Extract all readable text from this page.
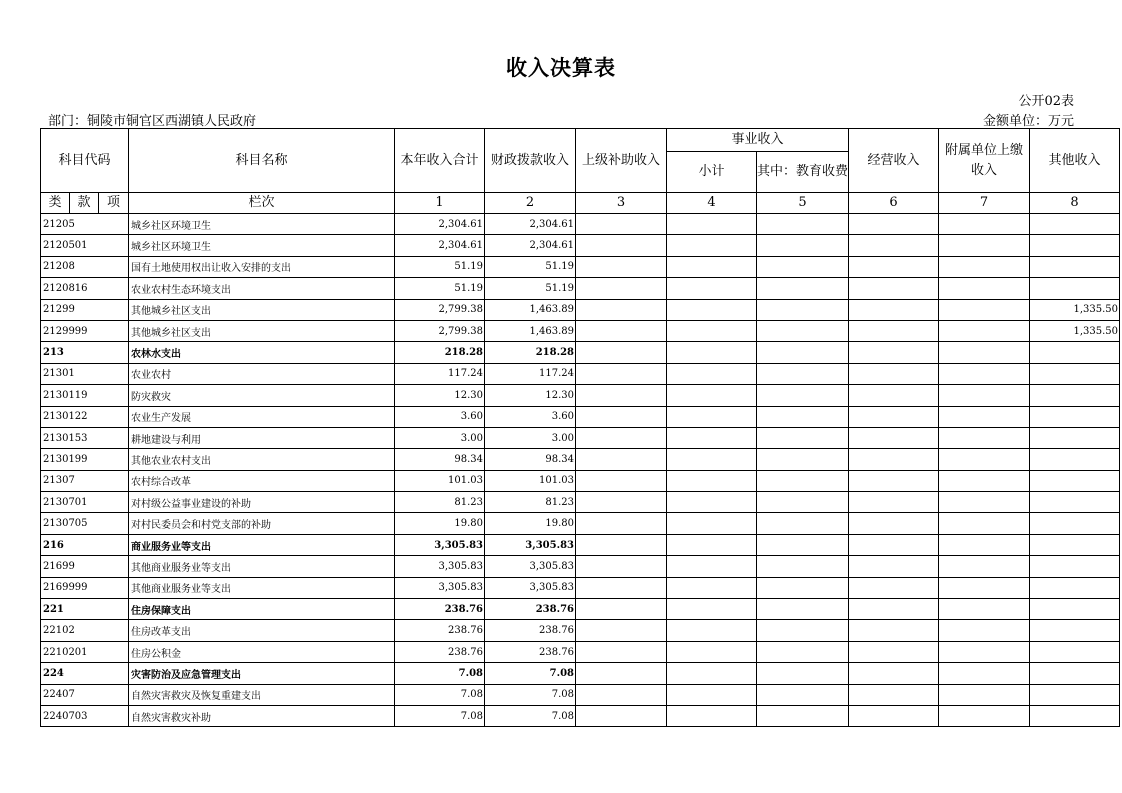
收入决算表
公开02表
部门：铜陵市铜官区西湖镇人民政府	金额单位：万元
科目代码			科目名称	本年收入合计	财政拨款收入	上级补助收入	事业收入		经营收入	附属单位上缴收入	其他收入
							小计	其中：教育收费			
类	款	项	栏次	1	2	3	4	5	6	7	8
21205			城乡社区环境卫生	2,304.61	2,304.61						
2120501			城乡社区环境卫生	2,304.61	2,304.61						
21208			国有土地使用权出让收入安排的支出	51.19	51.19						
2120816			农业农村生态环境支出	51.19	51.19						
21299			其他城乡社区支出	2,799.38	1,463.89						1,335.50
2129999			其他城乡社区支出	2,799.38	1,463.89						1,335.50
213			农林水支出	218.28	218.28						
21301			农业农村	117.24	117.24						
2130119			防灾救灾	12.30	12.30						
2130122			农业生产发展	3.60	3.60						
2130153			耕地建设与利用	3.00	3.00						
2130199			其他农业农村支出	98.34	98.34						
21307			农村综合改革	101.03	101.03						
2130701			对村级公益事业建设的补助	81.23	81.23						
2130705			对村民委员会和村党支部的补助	19.80	19.80						
216			商业服务业等支出	3,305.83	3,305.83						
21699			其他商业服务业等支出	3,305.83	3,305.83						
2169999			其他商业服务业等支出	3,305.83	3,305.83						
221			住房保障支出	238.76	238.76						
22102			住房改革支出	238.76	238.76						
2210201			住房公积金	238.76	238.76						
224			灾害防治及应急管理支出	7.08	7.08						
22407			自然灾害救灾及恢复重建支出	7.08	7.08						
2240703			自然灾害救灾补助	7.08	7.08						
